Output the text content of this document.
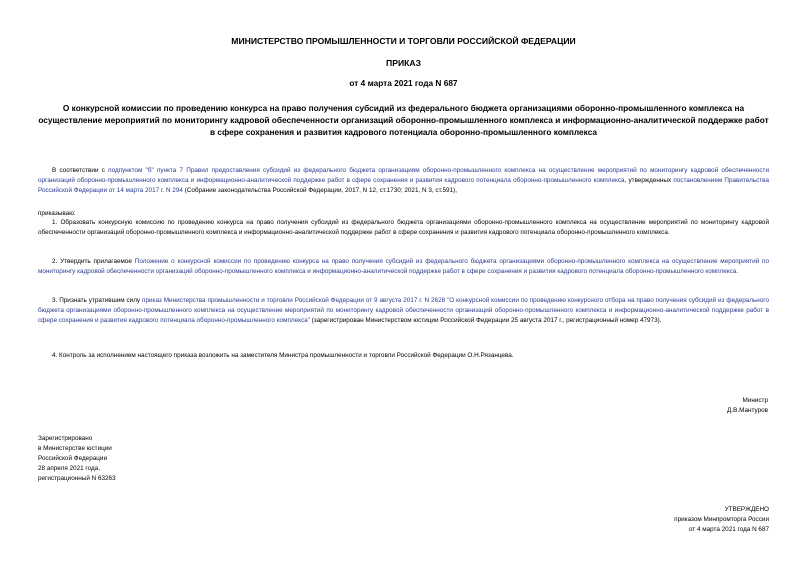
МИНИСТЕРСТВО ПРОМЫШЛЕННОСТИ И ТОРГОВЛИ РОССИЙСКОЙ ФЕДЕРАЦИИ
ПРИКАЗ
от 4 марта 2021 года N 687
О конкурсной комиссии по проведению конкурса на право получения субсидий из федерального бюджета организациями оборонно-промышленного комплекса на осуществление мероприятий по мониторингу кадровой обеспеченности организаций оборонно-промышленного комплекса и информационно-аналитической поддержке работ в сфере сохранения и развития кадрового потенциала оборонно-промышленного комплекса
В соответствии с подпунктом "б" пункта 7 Правил предоставления субсидий из федерального бюджета организациям оборонно-промышленного комплекса на осуществление мероприятий по мониторингу кадровой обеспеченности организаций оборонно-промышленного комплекса и информационно-аналитической поддержке работ в сфере сохранения и развития кадрового потенциала оборонно-промышленного комплекса, утвержденных постановлением Правительства Российской Федерации от 14 марта 2017 г. N 294 (Собрание законодательства Российской Федерации, 2017, N 12, ст.1730; 2021, N 3, ст.591),
приказываю:
1. Образовать конкурсную комиссию по проведению конкурса на право получения субсидий из федерального бюджета организациями оборонно-промышленного комплекса на осуществление мероприятий по мониторингу кадровой обеспеченности организаций оборонно-промышленного комплекса и информационно-аналитической поддержке работ в сфере сохранения и развития кадрового потенциала оборонно-промышленного комплекса.
2. Утвердить прилагаемое Положение о конкурсной комиссии по проведению конкурса на право получения субсидий из федерального бюджета организациями оборонно-промышленного комплекса на осуществление мероприятий по мониторингу кадровой обеспеченности организаций оборонно-промышленного комплекса и информационно-аналитической поддержке работ в сфере сохранения и развития кадрового потенциала оборонно-промышленного комплекса.
3. Признать утратившим силу приказ Министерства промышленности и торговли Российской Федерации от 9 августа 2017 г. N 2628 "О конкурсной комиссии по проведению конкурсного отбора на право получения субсидий из федерального бюджета организациями оборонно-промышленного комплекса на осуществление мероприятий по мониторингу кадровой обеспеченности организаций оборонно-промышленного комплекса и информационно-аналитической поддержке работ в сфере сохранения и развития кадрового потенциала оборонно-промышленного комплекса" (зарегистрирован Министерством юстиции Российской Федерации 25 августа 2017 г., регистрационный номер 47973).
4. Контроль за исполнением настоящего приказа возложить на заместителя Министра промышленности и торговли Российской Федерации О.Н.Рязанцева.
Министр
Д.В.Мантуров
Зарегистрировано
в Министерстве юстиции
Российской Федерации
28 апреля 2021 года,
регистрационный N 63263
УТВЕРЖДЕНО
приказом Минпромторга России
от 4 марта 2021 года N 687
